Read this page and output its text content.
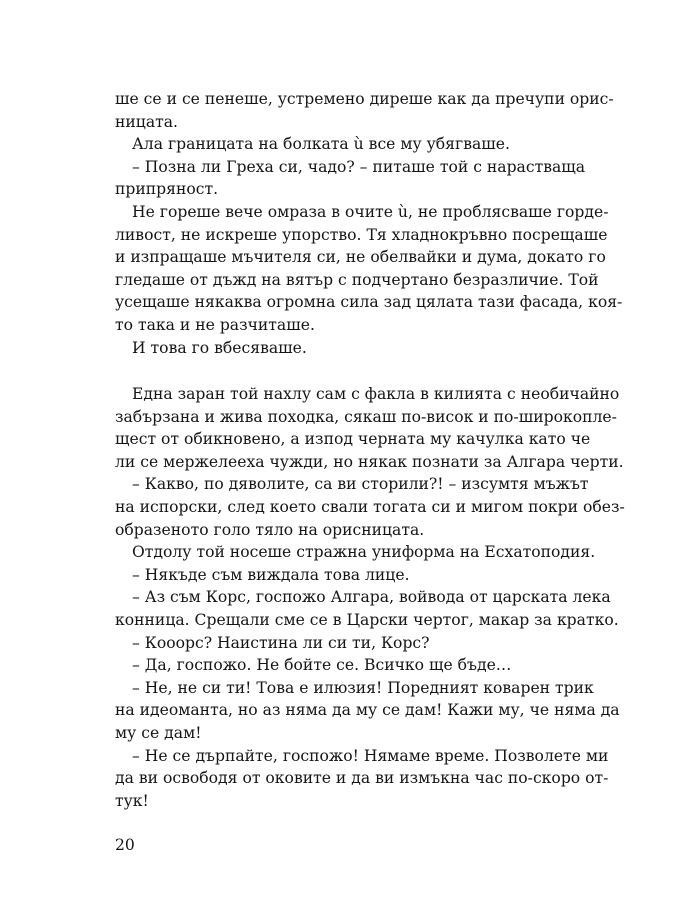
ше се и се пенеше, устремено диреше как да пречупи орис-
ницата.
Ала границата на болката ù все му убягваше.
– Позна ли Греха си, чадо? – питаше той с нарастваща
припряност.
Не гореше вече омраза в очите ù, не проблясваше горде-
ливост, не искреше упорство. Тя хладнокръвно посрещаше
и изпращаше мъчителя си, не обелвайки и дума, докато го
гледаше от дъжд на вятър с подчертано безразличие. Той
усещаше някаква огромна сила зад цялата тази фасада, коя-
то така и не разчиташе.
И това го вбесяваше.
Една заран той нахлу сам с факла в килията с необичайно
забързана и жива походка, сякаш по-висок и по-широкопле-
щест от обикновено, а изпод черната му качулка като че
ли се мержелееха чужди, но някак познати за Алгара черти.
– Какво, по дяволите, са ви сторили?! – изсумтя мъжът
на испорски, след което свали тогата си и мигом покри обез-
образеното голо тяло на орисницата.
Отдолу той носеше стражна униформа на Есхатоподия.
– Някъде съм виждала това лице.
– Аз съм Корс, госпожо Алгара, войвода от царската лека
конница. Срещали сме се в Царски чертог, макар за кратко.
– Кооорс? Наистина ли си ти, Корс?
– Да, госпожо. Не бойте се. Всичко ще бъде…
– Не, не си ти! Това е илюзия! Поредният коварен трик
на идеоманта, но аз няма да му се дам! Кажи му, че няма да
му се дам!
– Не се дърпайте, госпожо! Нямаме време. Позволете ми
да ви освободя от оковите и да ви измъкна час по-скоро от-
тук!
20
